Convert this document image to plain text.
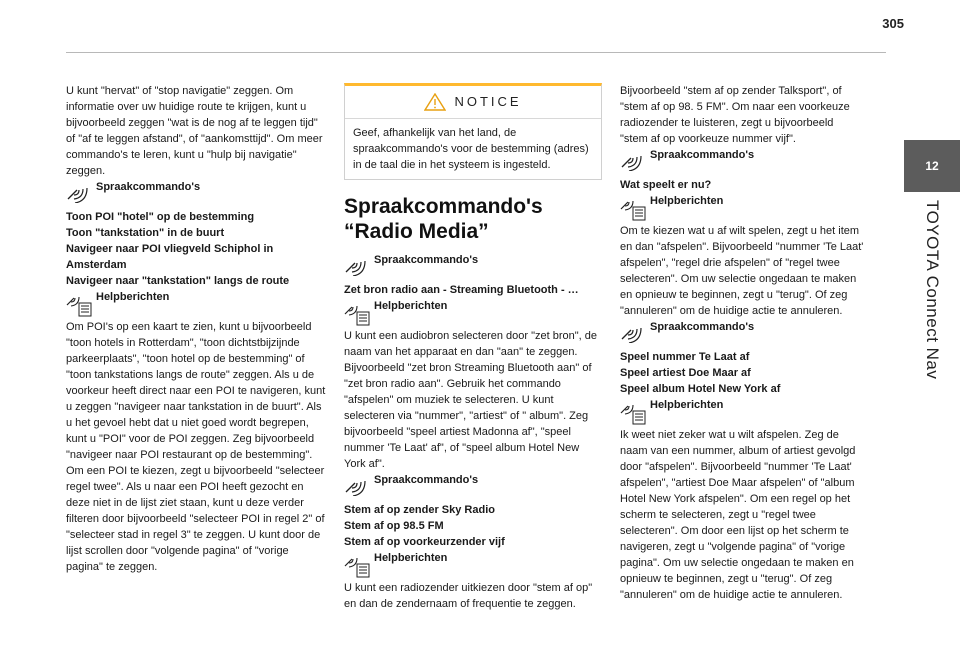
305
12
TOYOTA Connect Nav

U kunt "hervat" of "stop navigatie" zeggen. Om informatie over uw huidige route te krijgen, kunt u bijvoorbeeld zeggen "wat is de nog af te leggen tijd" of "af te leggen afstand", of "aankomsttijd". Om meer commando's te leren, kunt u "hulp bij navigatie" zeggen.

Spraakcommando's

Toon POI "hotel" op de bestemming

Toon "tankstation" in de buurt

Navigeer naar POI vliegveld Schiphol in Amsterdam

Navigeer naar "tankstation" langs de route

Helpberichten

Om POI's op een kaart te zien, kunt u bijvoorbeeld "toon hotels in Rotterdam", "toon dichtstbijzijnde parkeerplaats", "toon hotel op de bestemming" of "toon tankstations langs de route" zeggen. Als u de voorkeur heeft direct naar een POI te navigeren, kunt u zeggen "navigeer naar tankstation in de buurt". Als u het gevoel hebt dat u niet goed wordt begrepen, kunt u "POI" voor de POI zeggen. Zeg bijvoorbeeld "navigeer naar POI restaurant op de bestemming".

Om een POI te kiezen, zegt u bijvoorbeeld "selecteer regel twee". Als u naar een POI heeft gezocht en deze niet in de lijst ziet staan, kunt u deze verder filteren door bijvoorbeeld "selecteer POI in regel 2" of "selecteer stad in regel 3" te zeggen. U kunt door de lijst scrollen door "volgende pagina" of "vorige pagina" te zeggen.

NOTICE

Geef, afhankelijk van het land, de spraakcommando's voor de bestemming (adres) in de taal die in het systeem is ingesteld.

Spraakcommando's “Radio Media”
Spraakcommando's

Zet bron radio aan - Streaming Bluetooth - …

Helpberichten

U kunt een audiobron selecteren door "zet bron", de naam van het apparaat en dan "aan" te zeggen. Bijvoorbeeld "zet bron Streaming Bluetooth aan" of "zet bron radio aan". Gebruik het commando "afspelen" om muziek te selecteren. U kunt selecteren via "nummer", "artiest" of " album". Zeg bijvoorbeeld "speel artiest Madonna af", "speel nummer 'Te Laat' af", of "speel album Hotel New York af".

Spraakcommando's

Stem af op zender Sky Radio

Stem af op 98.5 FM

Stem af op voorkeurzender vijf

Helpberichten

U kunt een radiozender uitkiezen door "stem af op" en dan de zendernaam of frequentie te zeggen.

Bijvoorbeeld "stem af op zender Talksport", of "stem af op 98. 5 FM". Om naar een voorkeuze radiozender te luisteren, zegt u bijvoorbeeld "stem af op voorkeuze nummer vijf".

Spraakcommando's

Wat speelt er nu?

Helpberichten

Om te kiezen wat u af wilt spelen, zegt u het item en dan "afspelen". Bijvoorbeeld "nummer 'Te Laat' afspelen", "regel drie afspelen" of "regel twee selecteren". Om uw selectie ongedaan te maken en opnieuw te beginnen, zegt u "terug". Of zeg "annuleren" om de huidige actie te annuleren.

Spraakcommando's

Speel nummer Te Laat af

Speel artiest Doe Maar af

Speel album Hotel New York af

Helpberichten

Ik weet niet zeker wat u wilt afspelen. Zeg de naam van een nummer, album of artiest gevolgd door "afspelen". Bijvoorbeeld "nummer 'Te Laat' afspelen", "artiest Doe Maar afspelen" of "album Hotel New York afspelen". Om een regel op het scherm te selecteren, zegt u "regel twee selecteren". Om door een lijst op het scherm te navigeren, zegt u "volgende pagina" of "vorige pagina". Om uw selectie ongedaan te maken en opnieuw te beginnen, zegt u "terug". Of zeg "annuleren" om de huidige actie te annuleren.
